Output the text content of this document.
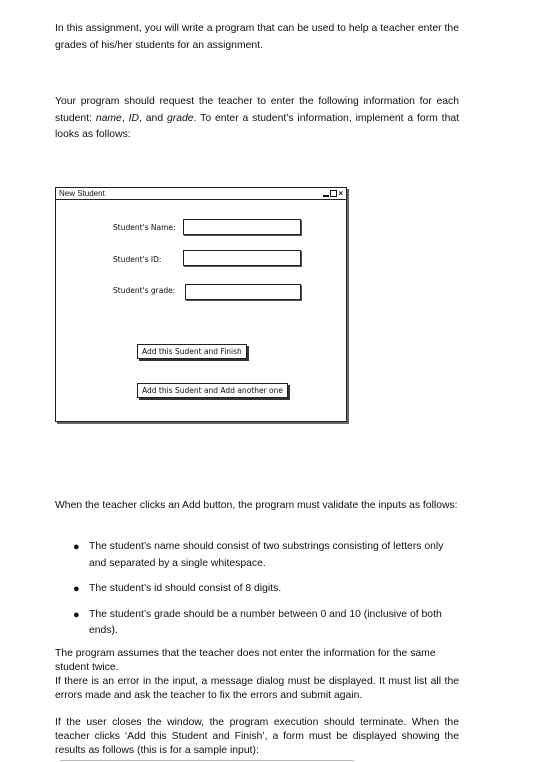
In this assignment, you will write a program that can be used to help a teacher enter the grades of his/her students for an assignment.
Your program should request the teacher to enter the following information for each student: name, ID, and grade. To enter a student’s information, implement a form that looks as follows:
New Student	×
Student's Name:
Student's ID:
Student's grade:
Add this Sudent and Finish
Add this Sudent and Add another one
When the teacher clicks an Add button, the program must validate the inputs as follows:
● The student’s name should consist of two substrings consisting of letters only and separated by a single whitespace.
● The student’s id should consist of 8 digits.
● The student’s grade should be a number between 0 and 10 (inclusive of both ends).
The program assumes that the teacher does not enter the information for the same student twice.
If there is an error in the input, a message dialog must be displayed. It must list all the errors made and ask the teacher to fix the errors and submit again.
If the user closes the window, the program execution should terminate. When the teacher clicks ‘Add this Student and Finish’, a form must be displayed showing the results as follows (this is for a sample input):
